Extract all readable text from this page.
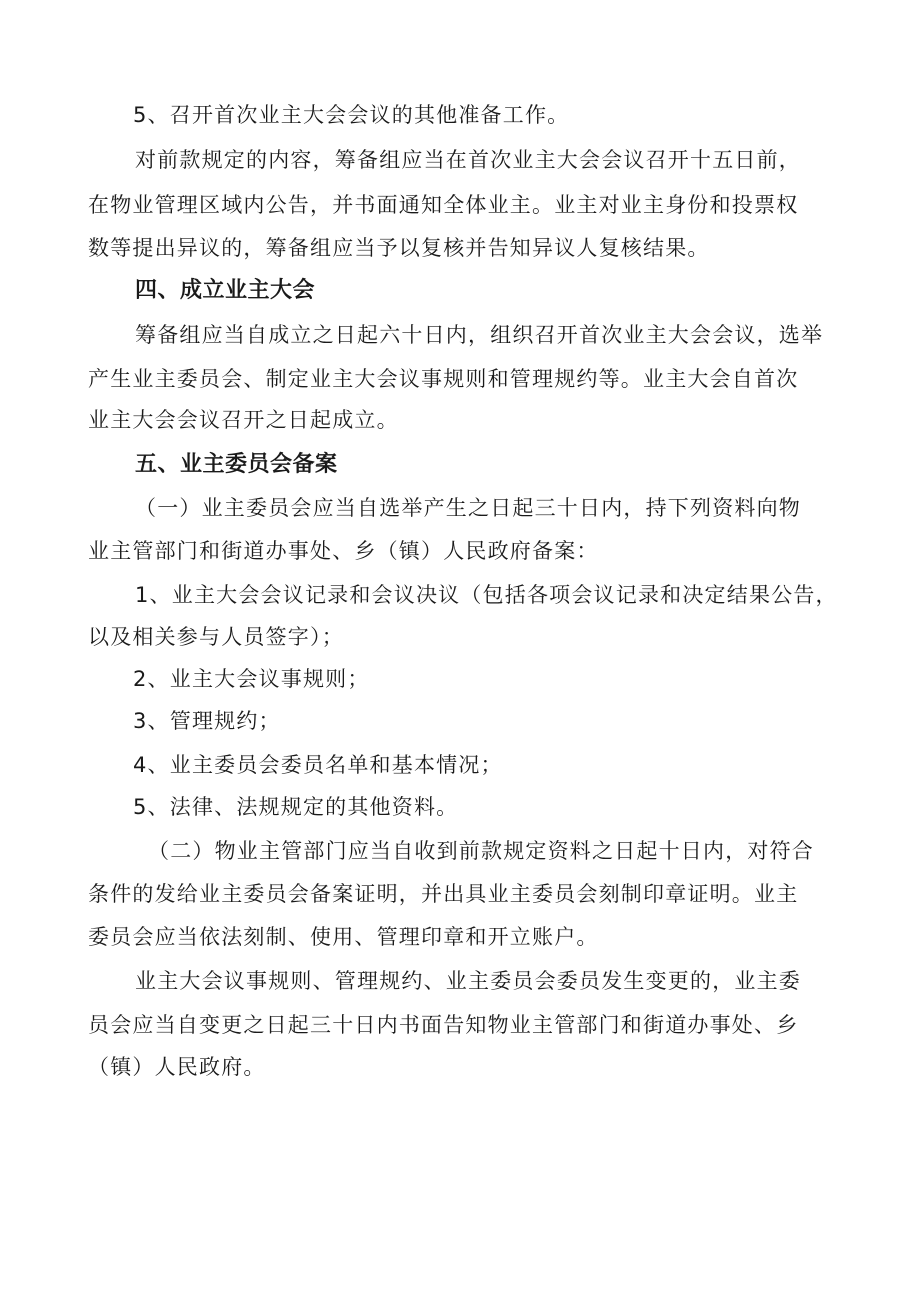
5、召开首次业主大会会议的其他准备工作。
对前款规定的内容，筹备组应当在首次业主大会会议召开十五日前，
在物业管理区域内公告，并书面通知全体业主。业主对业主身份和投票权
数等提出异议的，筹备组应当予以复核并告知异议人复核结果。
四、成立业主大会
筹备组应当自成立之日起六十日内，组织召开首次业主大会会议，选举
产生业主委员会、制定业主大会议事规则和管理规约等。业主大会自首次
业主大会会议召开之日起成立。
五、业主委员会备案
（一）业主委员会应当自选举产生之日起三十日内，持下列资料向物
业主管部门和街道办事处、乡（镇）人民政府备案：
1、业主大会会议记录和会议决议（包括各项会议记录和决定结果公告，
以及相关参与人员签字）；
2、业主大会议事规则；
3、管理规约；
4、业主委员会委员名单和基本情况；
5、法律、法规规定的其他资料。
（二）物业主管部门应当自收到前款规定资料之日起十日内，对符合
条件的发给业主委员会备案证明，并出具业主委员会刻制印章证明。业主
委员会应当依法刻制、使用、管理印章和开立账户。
业主大会议事规则、管理规约、业主委员会委员发生变更的，业主委
员会应当自变更之日起三十日内书面告知物业主管部门和街道办事处、乡
（镇）人民政府。
